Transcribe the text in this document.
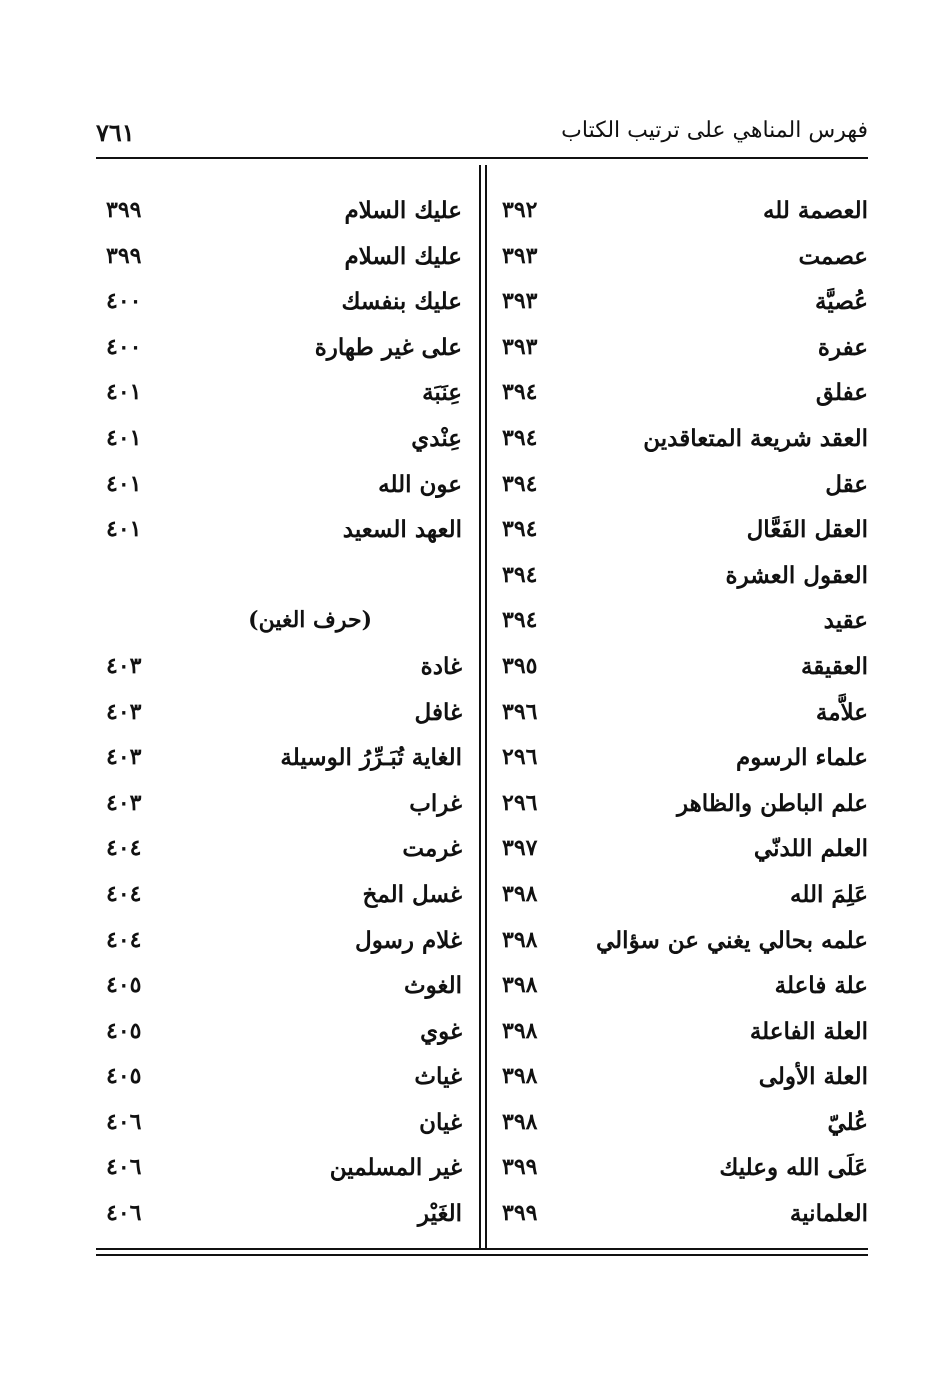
فهرس المناهي على ترتيب الكتاب
٧٦١
العصمة لله
٣٩٢
عصمت
٣٩٣
عُصيَّة
٣٩٣
عفرة
٣٩٣
عفلق
٣٩٤
العقد شريعة المتعاقدين
٣٩٤
عقل
٣٩٤
العقل الفَعَّال
٣٩٤
العقول العشرة
٣٩٤
عقيد
٣٩٤
العقيقة
٣٩٥
علاَّمة
٣٩٦
علماء الرسوم
٢٩٦
علم الباطن والظاهر
٢٩٦
العلم اللدنّي
٣٩٧
عَلِمَ الله
٣٩٨
علمه بحالي يغني عن سؤالي
٣٩٨
علة فاعلة
٣٩٨
العلة الفاعلة
٣٩٨
العلة الأولى
٣٩٨
عُليّ
٣٩٨
عَلَى الله وعليك
٣٩٩
العلمانية
٣٩٩
عليك السلام
٣٩٩
عليك السلام
٣٩٩
عليك بنفسك
٤٠٠
على غير طهارة
٤٠٠
عِنَبَة
٤٠١
عِنْدي
٤٠١
عون الله
٤٠١
العهد السعيد
٤٠١
(حرف الغين)
غادة
٤٠٣
غافل
٤٠٣
الغاية تُبَـرِّرُ الوسيلة
٤٠٣
غراب
٤٠٣
غرمت
٤٠٤
غسل المخ
٤٠٤
غلام رسول
٤٠٤
الغوث
٤٠٥
غوي
٤٠٥
غياث
٤٠٥
غيان
٤٠٦
غير المسلمين
٤٠٦
الغَيْر
٤٠٦
